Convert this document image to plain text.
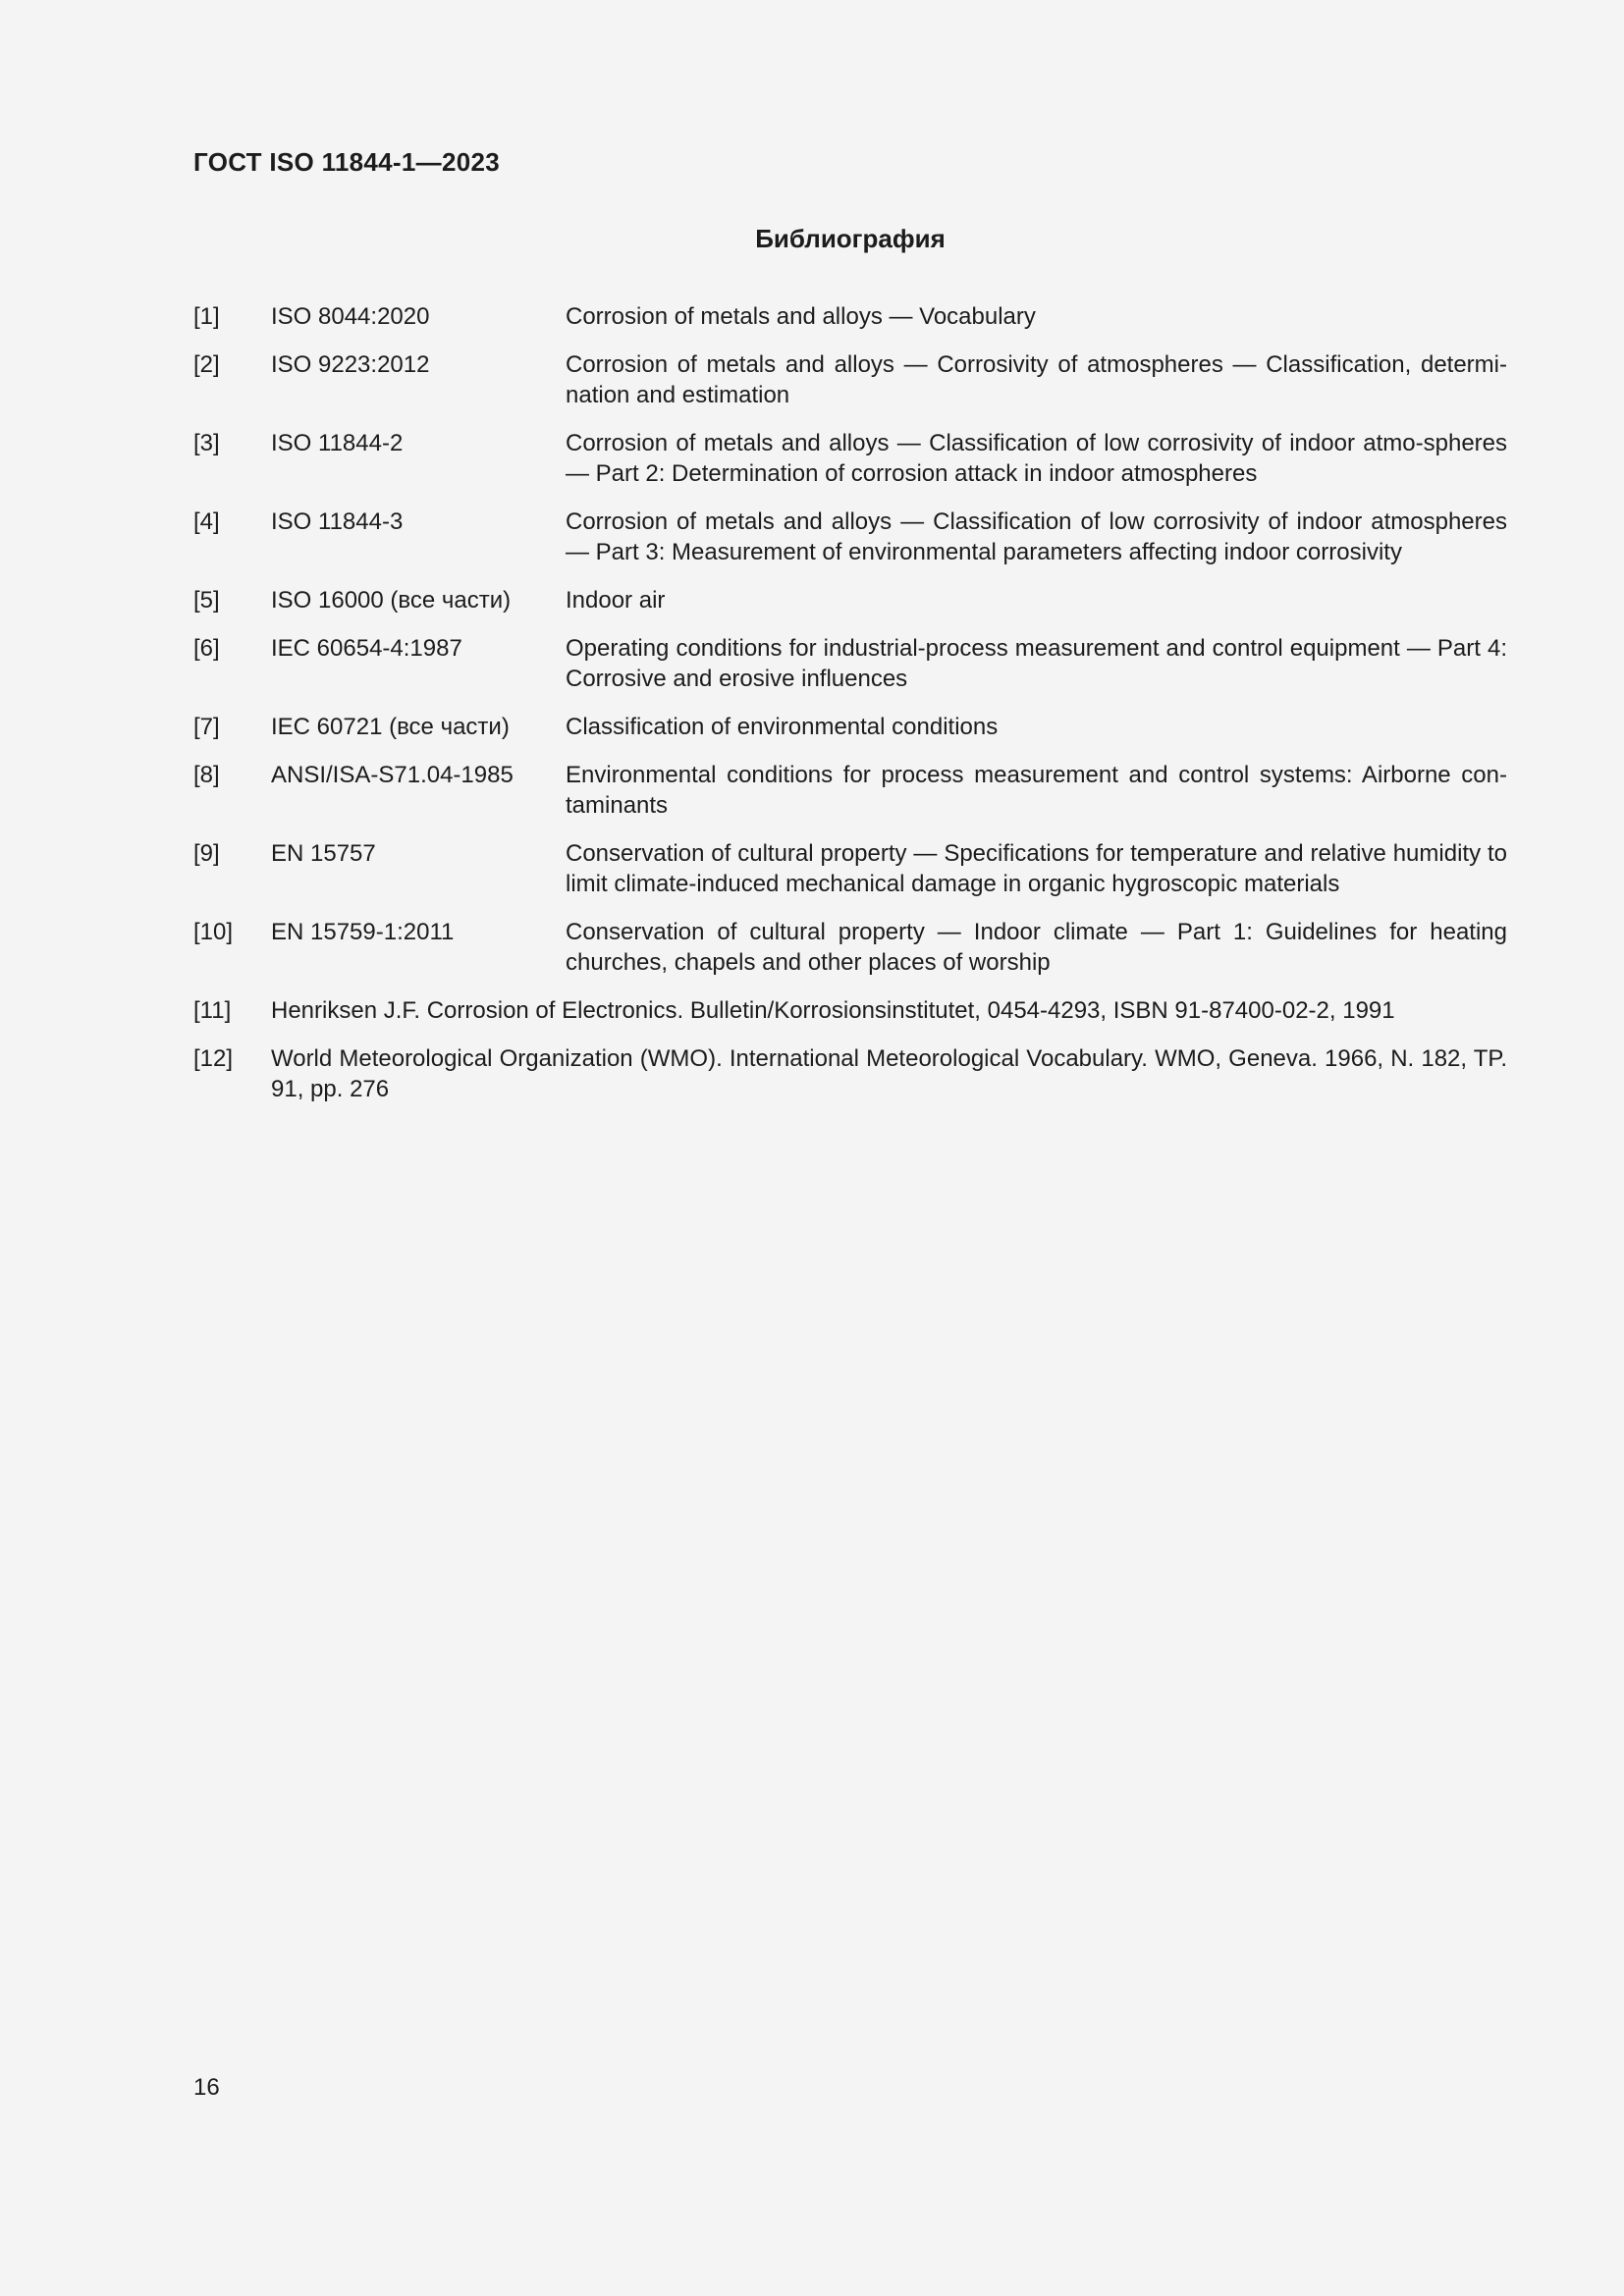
ГОСТ ISO 11844-1—2023
Библиография
[1]	ISO 8044:2020	Corrosion of metals and alloys — Vocabulary
[2]	ISO 9223:2012	Corrosion of metals and alloys — Corrosivity of atmospheres — Classification, determi-nation and estimation
[3]	ISO 11844-2	Corrosion of metals and alloys — Classification of low corrosivity of indoor atmo-spheres — Part 2: Determination of corrosion attack in indoor atmospheres
[4]	ISO 11844-3	Corrosion of metals and alloys — Classification of low corrosivity of indoor atmospheres — Part 3: Measurement of environmental parameters affecting indoor corrosivity
[5]	ISO 16000 (все части)	Indoor air
[6]	IEC 60654-4:1987	Operating conditions for industrial-process measurement and control equipment — Part 4: Corrosive and erosive influences
[7]	IEC 60721 (все части)	Classification of environmental conditions
[8]	ANSI/ISA-S71.04-1985	Environmental conditions for process measurement and control systems: Airborne con-taminants
[9]	EN 15757	Conservation of cultural property — Specifications for temperature and relative humidity to limit climate-induced mechanical damage in organic hygroscopic materials
[10]	EN 15759-1:2011	Conservation of cultural property — Indoor climate — Part 1: Guidelines for heating churches, chapels and other places of worship
[11]	Henriksen J.F. Corrosion of Electronics. Bulletin/Korrosionsinstitutet, 0454-4293, ISBN 91-87400-02-2, 1991
[12]	World Meteorological Organization (WMO). International Meteorological Vocabulary. WMO, Geneva. 1966, N. 182, TP. 91, pp. 276
16
